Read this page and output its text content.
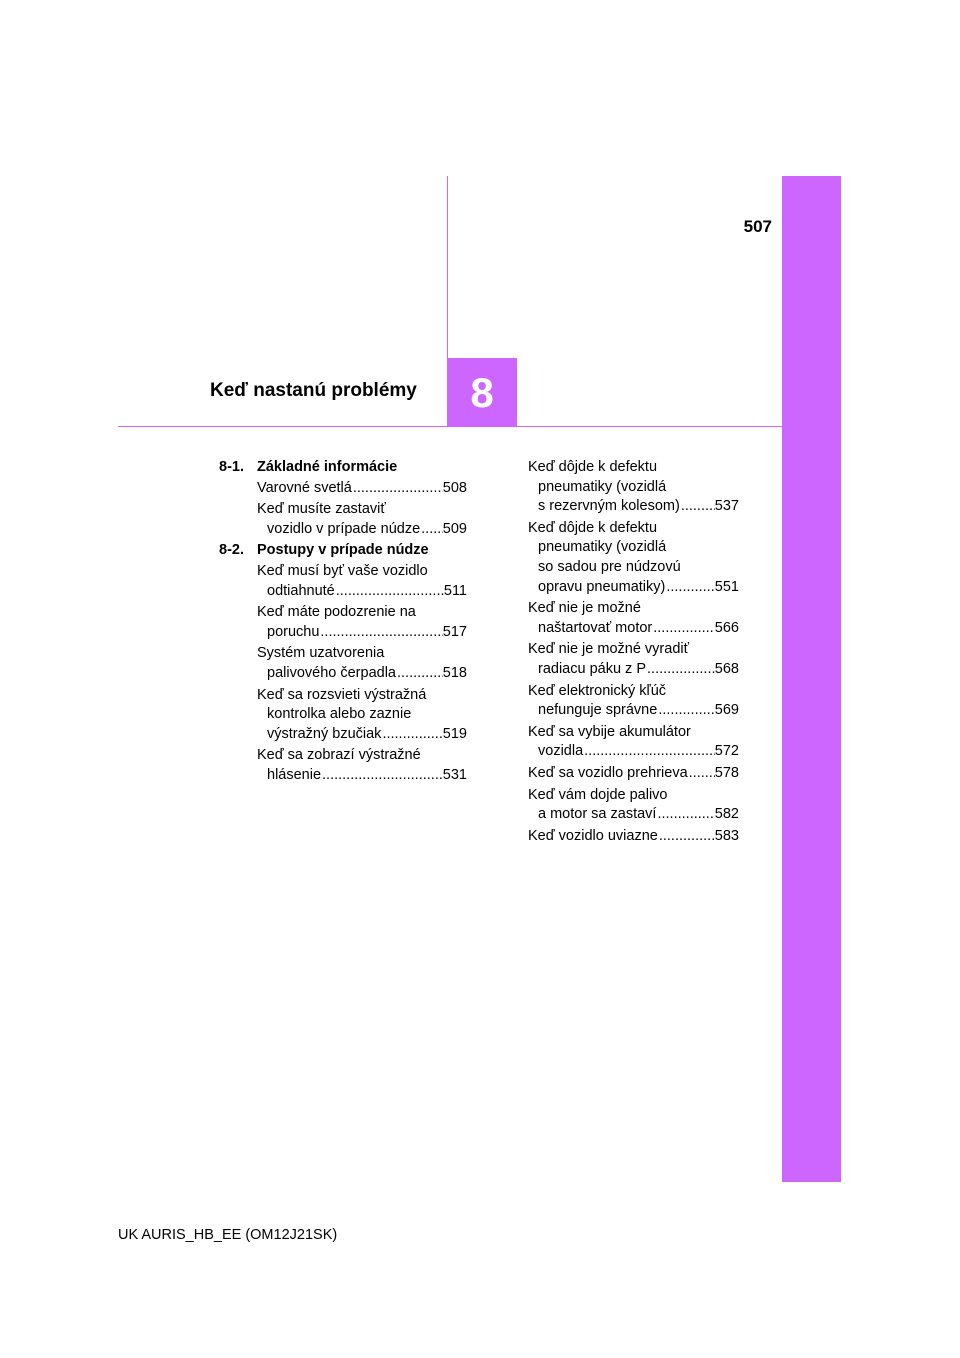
507
Keď nastanú problémy 8
8-1. Základné informácie
Varovné svetlá .....	508
Keď musíte zastaviť
vozidlo v prípade núdze ..... 509
8-2. Postupy v prípade núdze
Keď musí byť vaše vozidlo
odtiahnuté .....	511
Keď máte podozrenie na
poruchu .....	517
Systém uzatvorenia
palivového čerpadla .....	518
Keď sa rozsvieti výstražná
kontrolka alebo zaznie
výstražný bzučiak .....	519
Keď sa zobrazí výstražné
hlásenie .....	531
Keď dôjde k defektu
pneumatiky (vozidlá
s rezervným kolesom) ..... 537
Keď dôjde k defektu
pneumatiky (vozidlá
so sadou pre núdzovú
opravu pneumatiky) .....	551
Keď nie je možné
naštartovať motor .....	566
Keď nie je možné vyradiť
radiacu páku z P .....	568
Keď elektronický kľúč
nefunguje správne .....	569
Keď sa vybije akumulátor
vozidla .....	572
Keď sa vozidlo prehrieva ..... 578
Keď vám dojde palivo
a motor sa zastaví .....	582
Keď vozidlo uviazne .....	583
UK AURIS_HB_EE (OM12J21SK)
